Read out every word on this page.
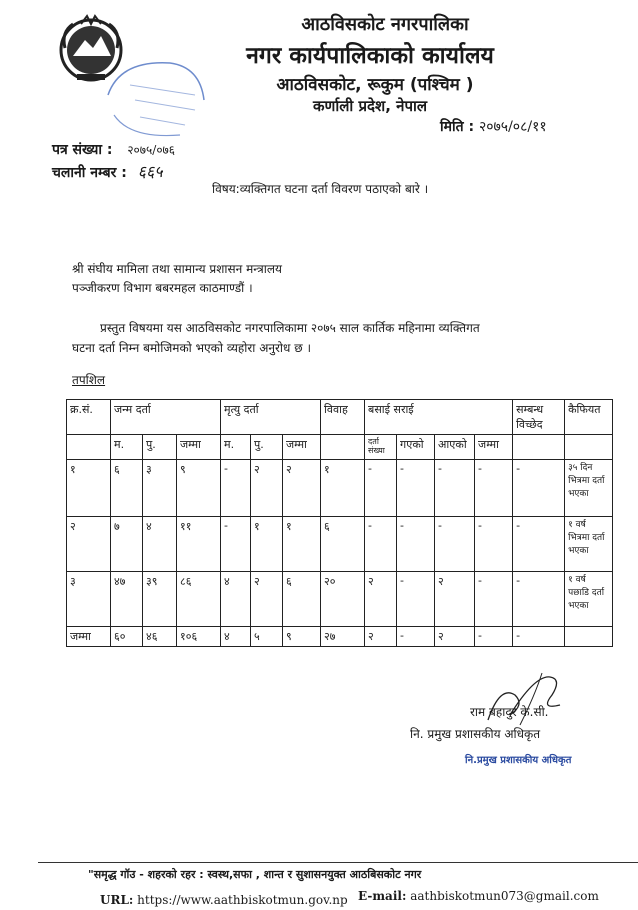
आठविसकोट नगरपालिका
नगर कार्यपालिकाको कार्यालय
आठविसकोट, रूकुम (पश्चिम )
कर्णाली प्रदेश, नेपाल
मिति : २०७५/०८/११
पत्र संख्या : २०७५/०७६
चलानी नम्बर : ६६५
विषय:व्यक्तिगत घटना दर्ता विवरण पठाएको बारे ।
श्री संघीय मामिला तथा सामान्य प्रशासन मन्त्रालय
पञ्जीकरण विभाग बबरमहल काठमाण्डौं ।
प्रस्तुत विषयमा यस आठविसकोट नगरपालिकामा २०७५ साल कार्तिक महिनामा व्यक्तिगत
घटना दर्ता निम्न बमोजिमको भएको व्यहोरा अनुरोध छ ।
तपशिल
क्र.सं.	जन्म दर्ता			मृत्यु दर्ता			विवाह	बसाई सराई				सम्बन्ध विच्छेद	कैफियत
	म.	पु.	जम्मा	म.	पु.	जम्मा		दर्ता संख्या	गएको	आएको	जम्मा		
१	६	३	९	-	२	२	१	-	-	-	-	-	३५ दिन भित्रमा दर्ता भएका
२	७	४	११	-	१	१	६	-	-	-	-	-	१ वर्ष भित्रमा दर्ता भएका
३	४७	३९	८६	४	२	६	२०	२	-	२	-	-	१ वर्ष पछाडि दर्ता भएका
जम्मा	६०	४६	१०६	४	५	९	२७	२	-	२	-	-	
राम बहादुर के.सी.
नि. प्रमुख प्रशासकीय अधिकृत
नि.प्रमुख प्रशासकीय अधिकृत
"समृद्ध गॉउ - शहरको रहर : स्वस्थ,सफा , शान्त र सुशासनयुक्त आठबिसकोट नगर
URL: https://www.aathbiskotmun.gov.np E-mail: aathbiskotmun073@gmail.com
